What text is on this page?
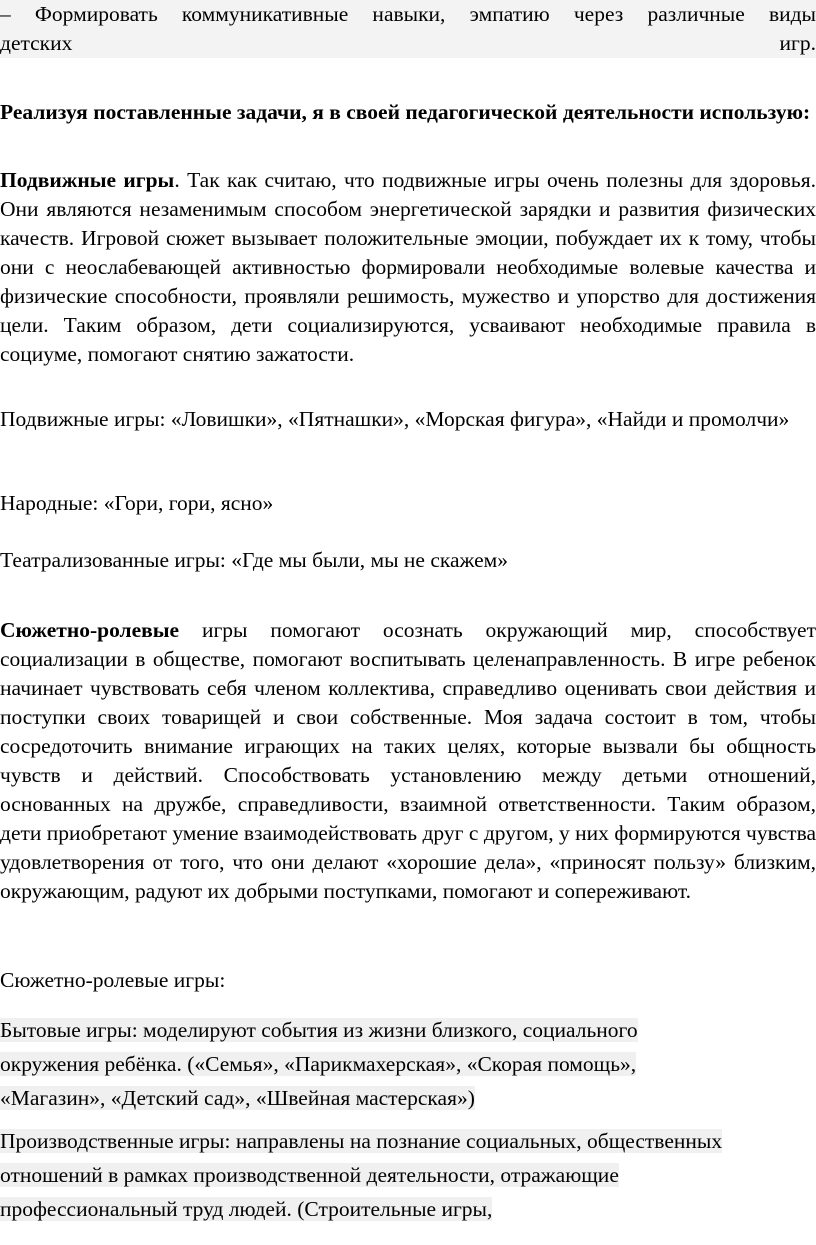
– Формировать коммуникативные навыки, эмпатию через различные виды
детских игр.
Реализуя поставленные задачи, я в своей педагогической деятельности использую:
Подвижные игры. Так как считаю, что подвижные игры очень полезны для здоровья. Они являются незаменимым способом энергетической зарядки и развития физических качеств. Игровой сюжет вызывает положительные эмоции, побуждает их к тому, чтобы они с неослабевающей активностью формировали необходимые волевые качества и физические способности, проявляли решимость, мужество и упорство для достижения цели. Таким образом, дети социализируются, усваивают необходимые правила в социуме, помогают снятию зажатости.
Подвижные игры: «Ловишки», «Пятнашки», «Морская фигура», «Найди и промолчи»
Народные: «Гори, гори, ясно»
Театрализованные игры: «Где мы были, мы не скажем»
Сюжетно-ролевые игры помогают осознать окружающий мир, способствует социализации в обществе, помогают воспитывать целенаправленность. В игре ребенок начинает чувствовать себя членом коллектива, справедливо оценивать свои действия и поступки своих товарищей и свои собственные. Моя задача состоит в том, чтобы сосредоточить внимание играющих на таких целях, которые вызвали бы общность чувств и действий. Способствовать установлению между детьми отношений, основанных на дружбе, справедливости, взаимной ответственности. Таким образом, дети приобретают умение взаимодействовать друг с другом, у них формируются чувства удовлетворения от того, что они делают «хорошие дела», «приносят пользу» близким, окружающим, радуют их добрыми поступками, помогают и сопереживают.
Сюжетно-ролевые игры:
Бытовые игры: моделируют события из жизни близкого, социального окружения ребёнка. («Семья», «Парикмахерская», «Скорая помощь», «Магазин», «Детский сад», «Швейная мастерская»)
Производственные игры: направлены на познание социальных, общественных отношений в рамках производственной деятельности, отражающие профессиональный труд людей. (Строительные игры,
